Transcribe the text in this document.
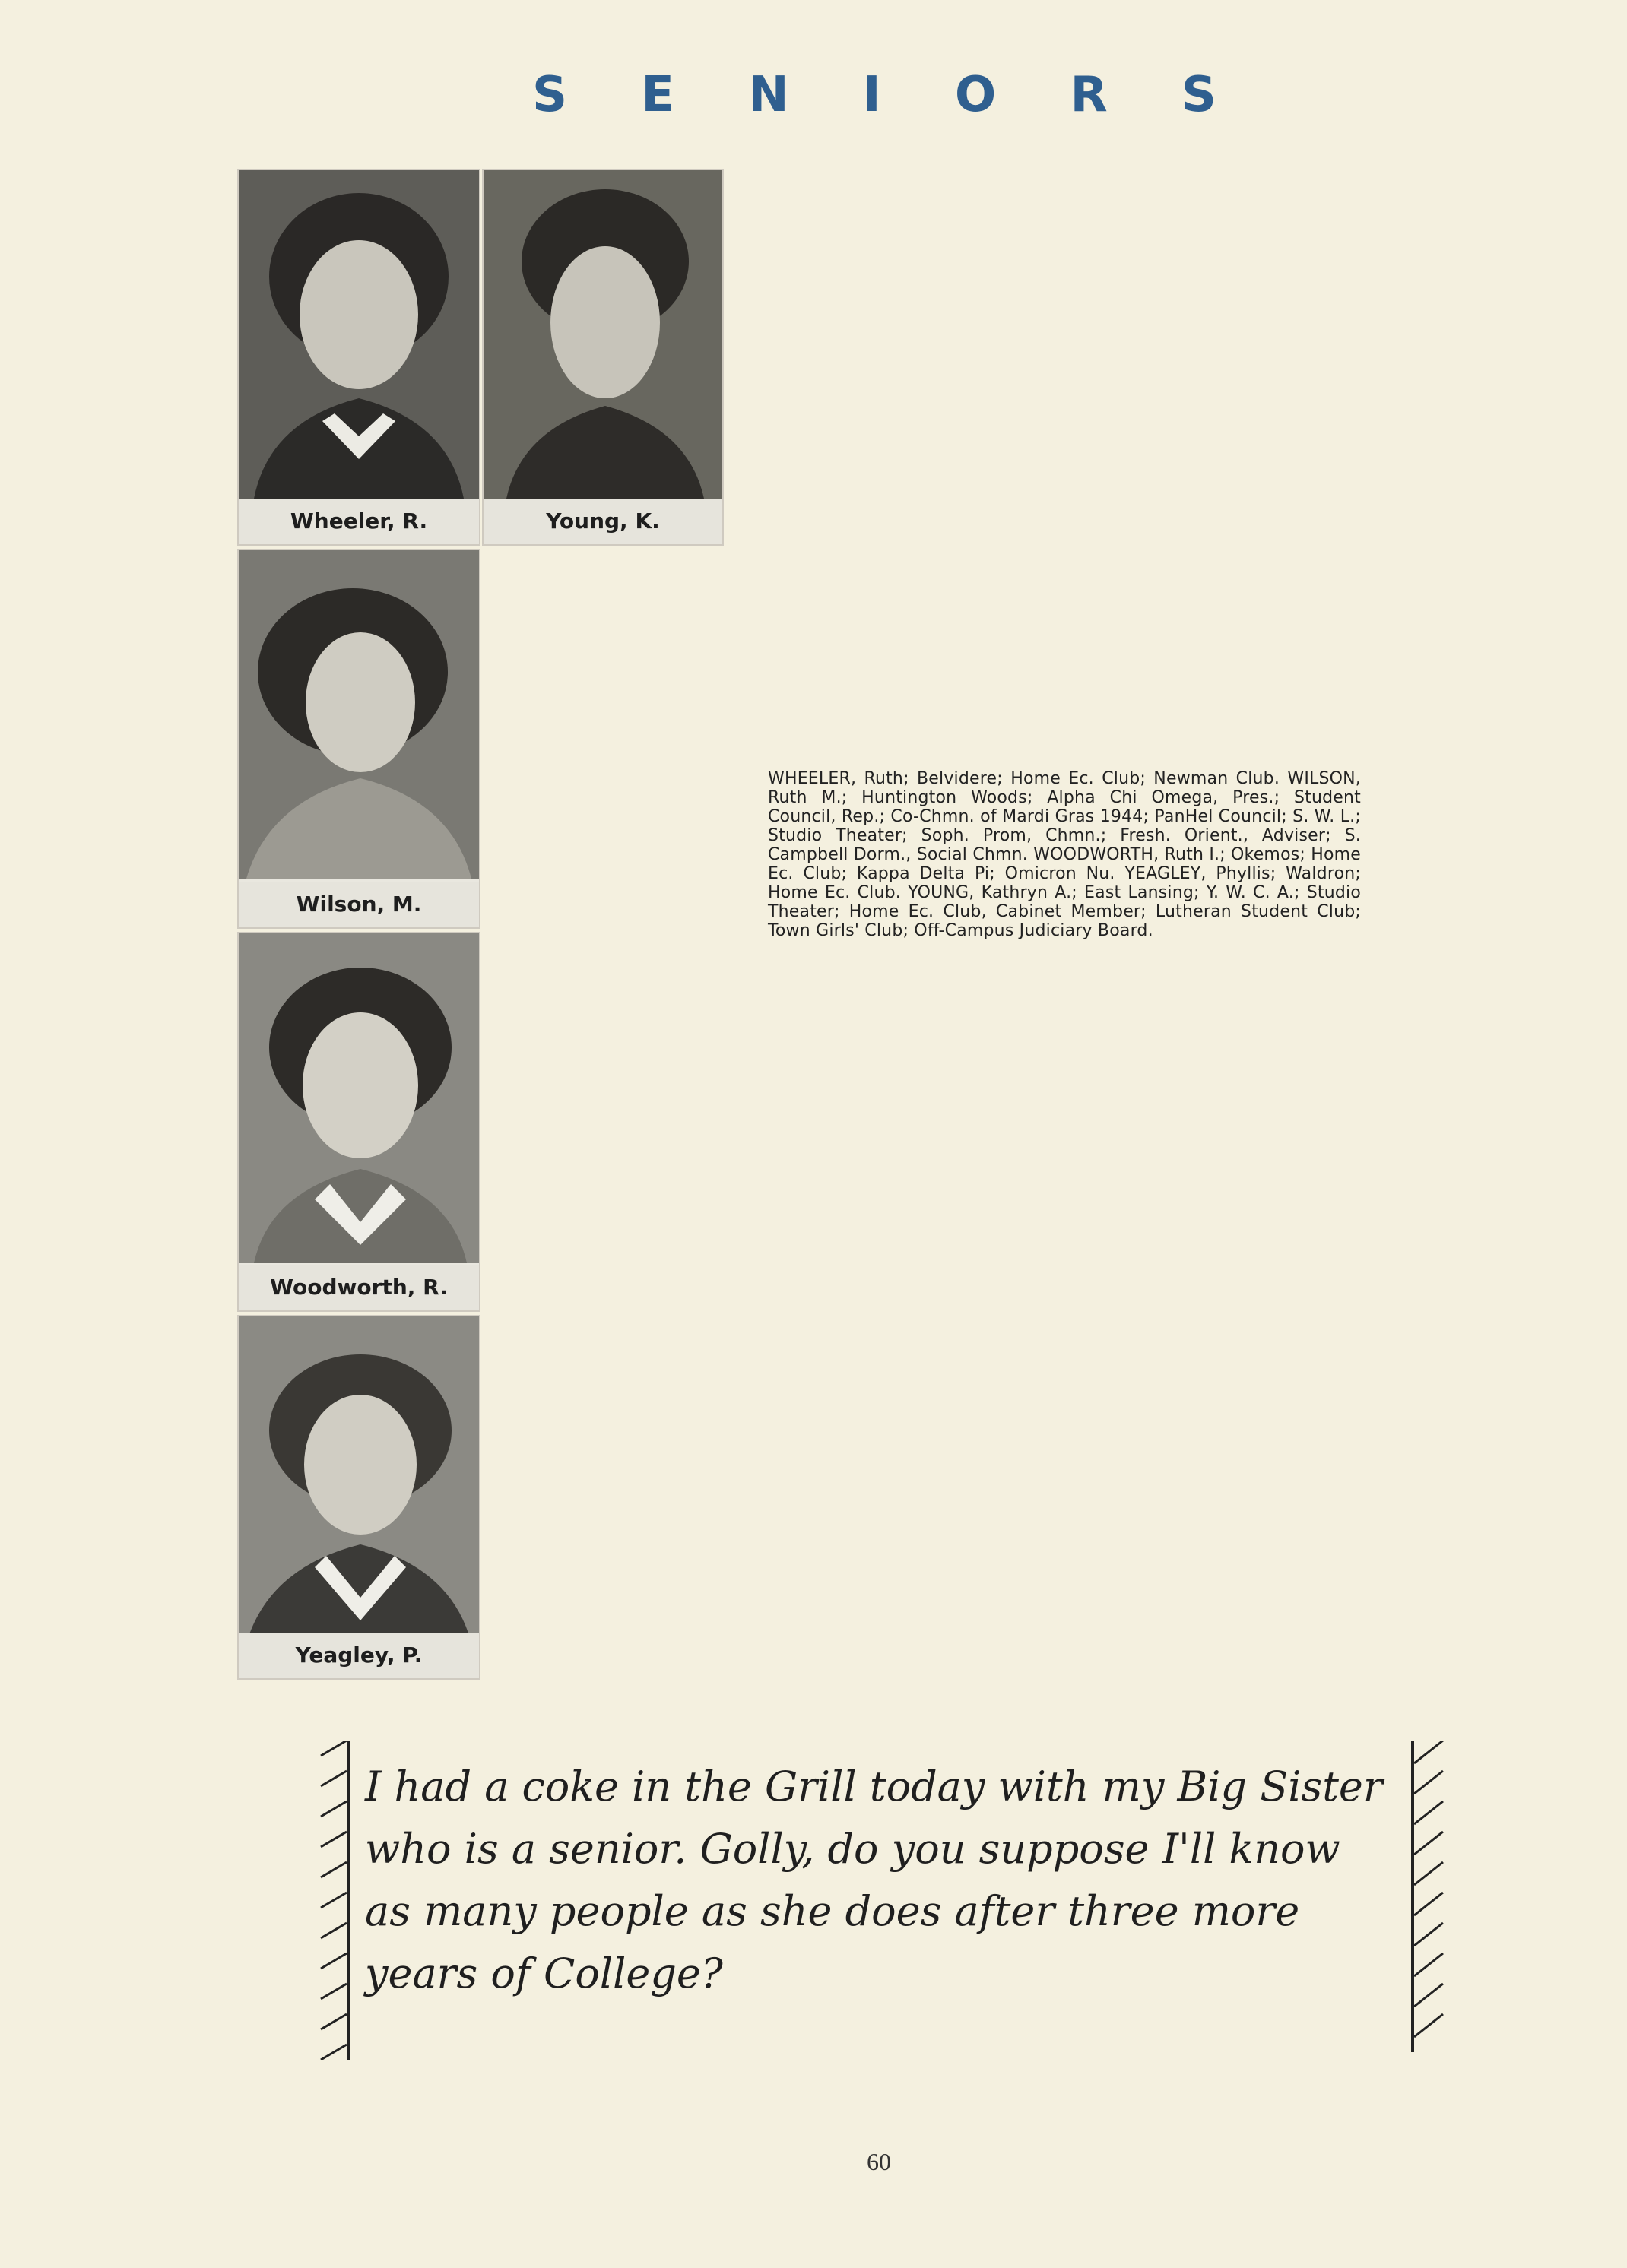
S E N I O R S
Wheeler, R.	Young, K.
Wilson, M.
Woodworth, R.
Yeagley, P.
WHEELER, Ruth; Belvidere; Home Ec. Club; Newman Club. WILSON, Ruth M.; Huntington Woods; Alpha Chi Omega, Pres.; Student Council, Rep.; Co-Chmn. of Mardi Gras 1944; PanHel Council; S. W. L.; Studio Theater; Soph. Prom, Chmn.; Fresh. Orient., Adviser; S. Campbell Dorm., Social Chmn. WOODWORTH, Ruth I.; Okemos; Home Ec. Club; Kappa Delta Pi; Omicron Nu. YEAGLEY, Phyllis; Waldron; Home Ec. Club. YOUNG, Kathryn A.; East Lansing; Y. W. C. A.; Studio Theater; Home Ec. Club, Cabinet Member; Lutheran Student Club; Town Girls' Club; Off-Campus Judiciary Board.
I had a coke in the Grill today with my Big Sister who is a senior. Golly, do you suppose I'll know as many people as she does after three more years of College?
60
